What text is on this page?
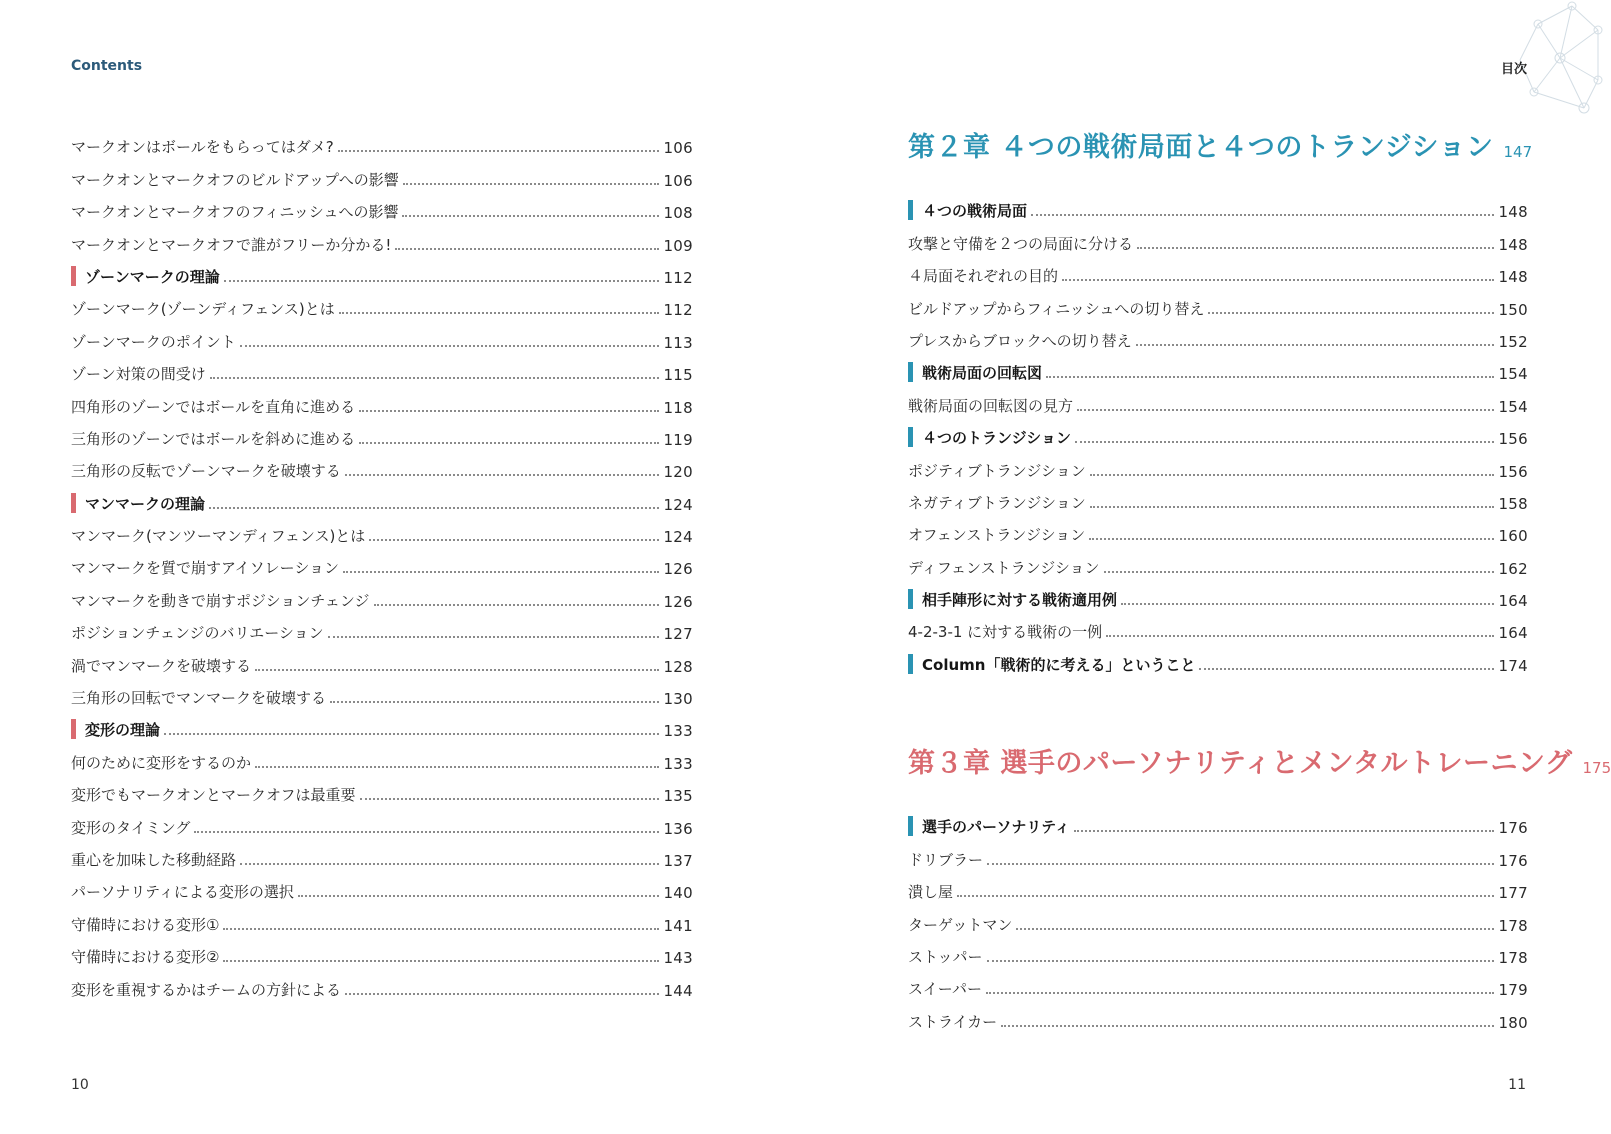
Contents
マークオンはボールをもらってはダメ?	106
マークオンとマークオフのビルドアップへの影響	106
マークオンとマークオフのフィニッシュへの影響	108
マークオンとマークオフで誰がフリーか分かる!	109
ゾーンマークの理論	112
ゾーンマーク(ゾーンディフェンス)とは	112
ゾーンマークのポイント	113
ゾーン対策の間受け	115
四角形のゾーンではボールを直角に進める	118
三角形のゾーンではボールを斜めに進める	119
三角形の反転でゾーンマークを破壊する	120
マンマークの理論	124
マンマーク(マンツーマンディフェンス)とは	124
マンマークを質で崩すアイソレーション	126
マンマークを動きで崩すポジションチェンジ	126
ポジションチェンジのバリエーション	127
渦でマンマークを破壊する	128
三角形の回転でマンマークを破壊する	130
変形の理論	133
何のために変形をするのか	133
変形でもマークオンとマークオフは最重要	135
変形のタイミング	136
重心を加味した移動経路	137
パーソナリティによる変形の選択	140
守備時における変形①	141
守備時における変形②	143
変形を重視するかはチームの方針による	144
10
目次
第２章 ４つの戦術局面と４つのトランジション 147
４つの戦術局面	148
攻撃と守備を２つの局面に分ける	148
４局面それぞれの目的	148
ビルドアップからフィニッシュへの切り替え	150
プレスからブロックへの切り替え	152
戦術局面の回転図	154
戦術局面の回転図の見方	154
４つのトランジション	156
ポジティブトランジション	156
ネガティブトランジション	158
オフェンストランジション	160
ディフェンストランジション	162
相手陣形に対する戦術適用例	164
4-2-3-1 に対する戦術の一例	164
Column「戦術的に考える」ということ	174
第３章 選手のパーソナリティとメンタルトレーニング 175
選手のパーソナリティ	176
ドリブラー	176
潰し屋	177
ターゲットマン	178
ストッパー	178
スイーパー	179
ストライカー	180
11
